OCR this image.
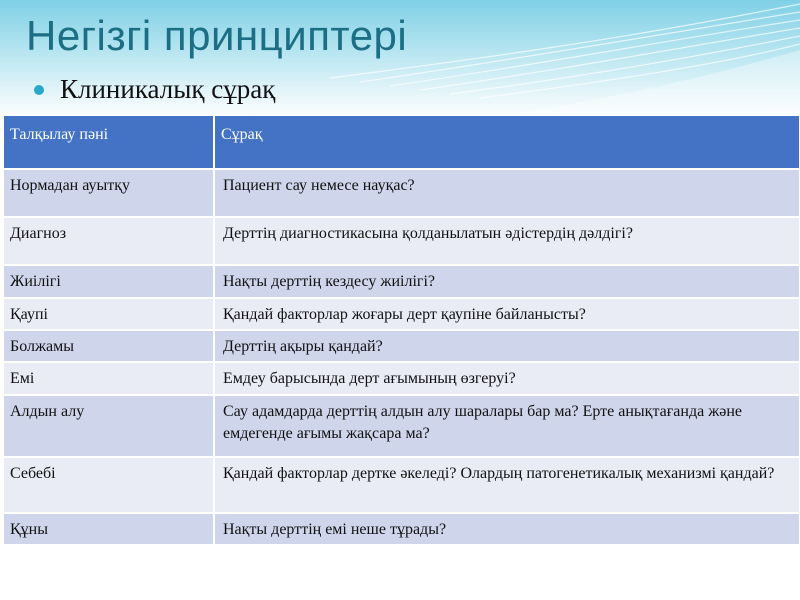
Негізгі принциптері
Клиникалық сұрақ
Талқылау пәні	Сұрақ
Нормадан ауытқу	Пациент сау немесе науқас?
Диагноз	Дерттің диагностикасына қолданылатын әдістердің дәлдігі?
Жиілігі	Нақты дерттің кездесу жиілігі?
Қаупі	Қандай факторлар жоғары дерт қаупіне байланысты?
Болжамы	Дерттің ақыры қандай?
Емі	Емдеу барысында дерт ағымының өзгеруі?
Алдын алу	Сау адамдарда дерттің алдын алу шаралары бар ма? Ерте анықтағанда және емдегенде ағымы жақсара ма?
Себебі	Қандай факторлар дертке әкеледі? Олардың патогенетикалық механизмі қандай?
Құны	Нақты дерттің емі неше тұрады?
